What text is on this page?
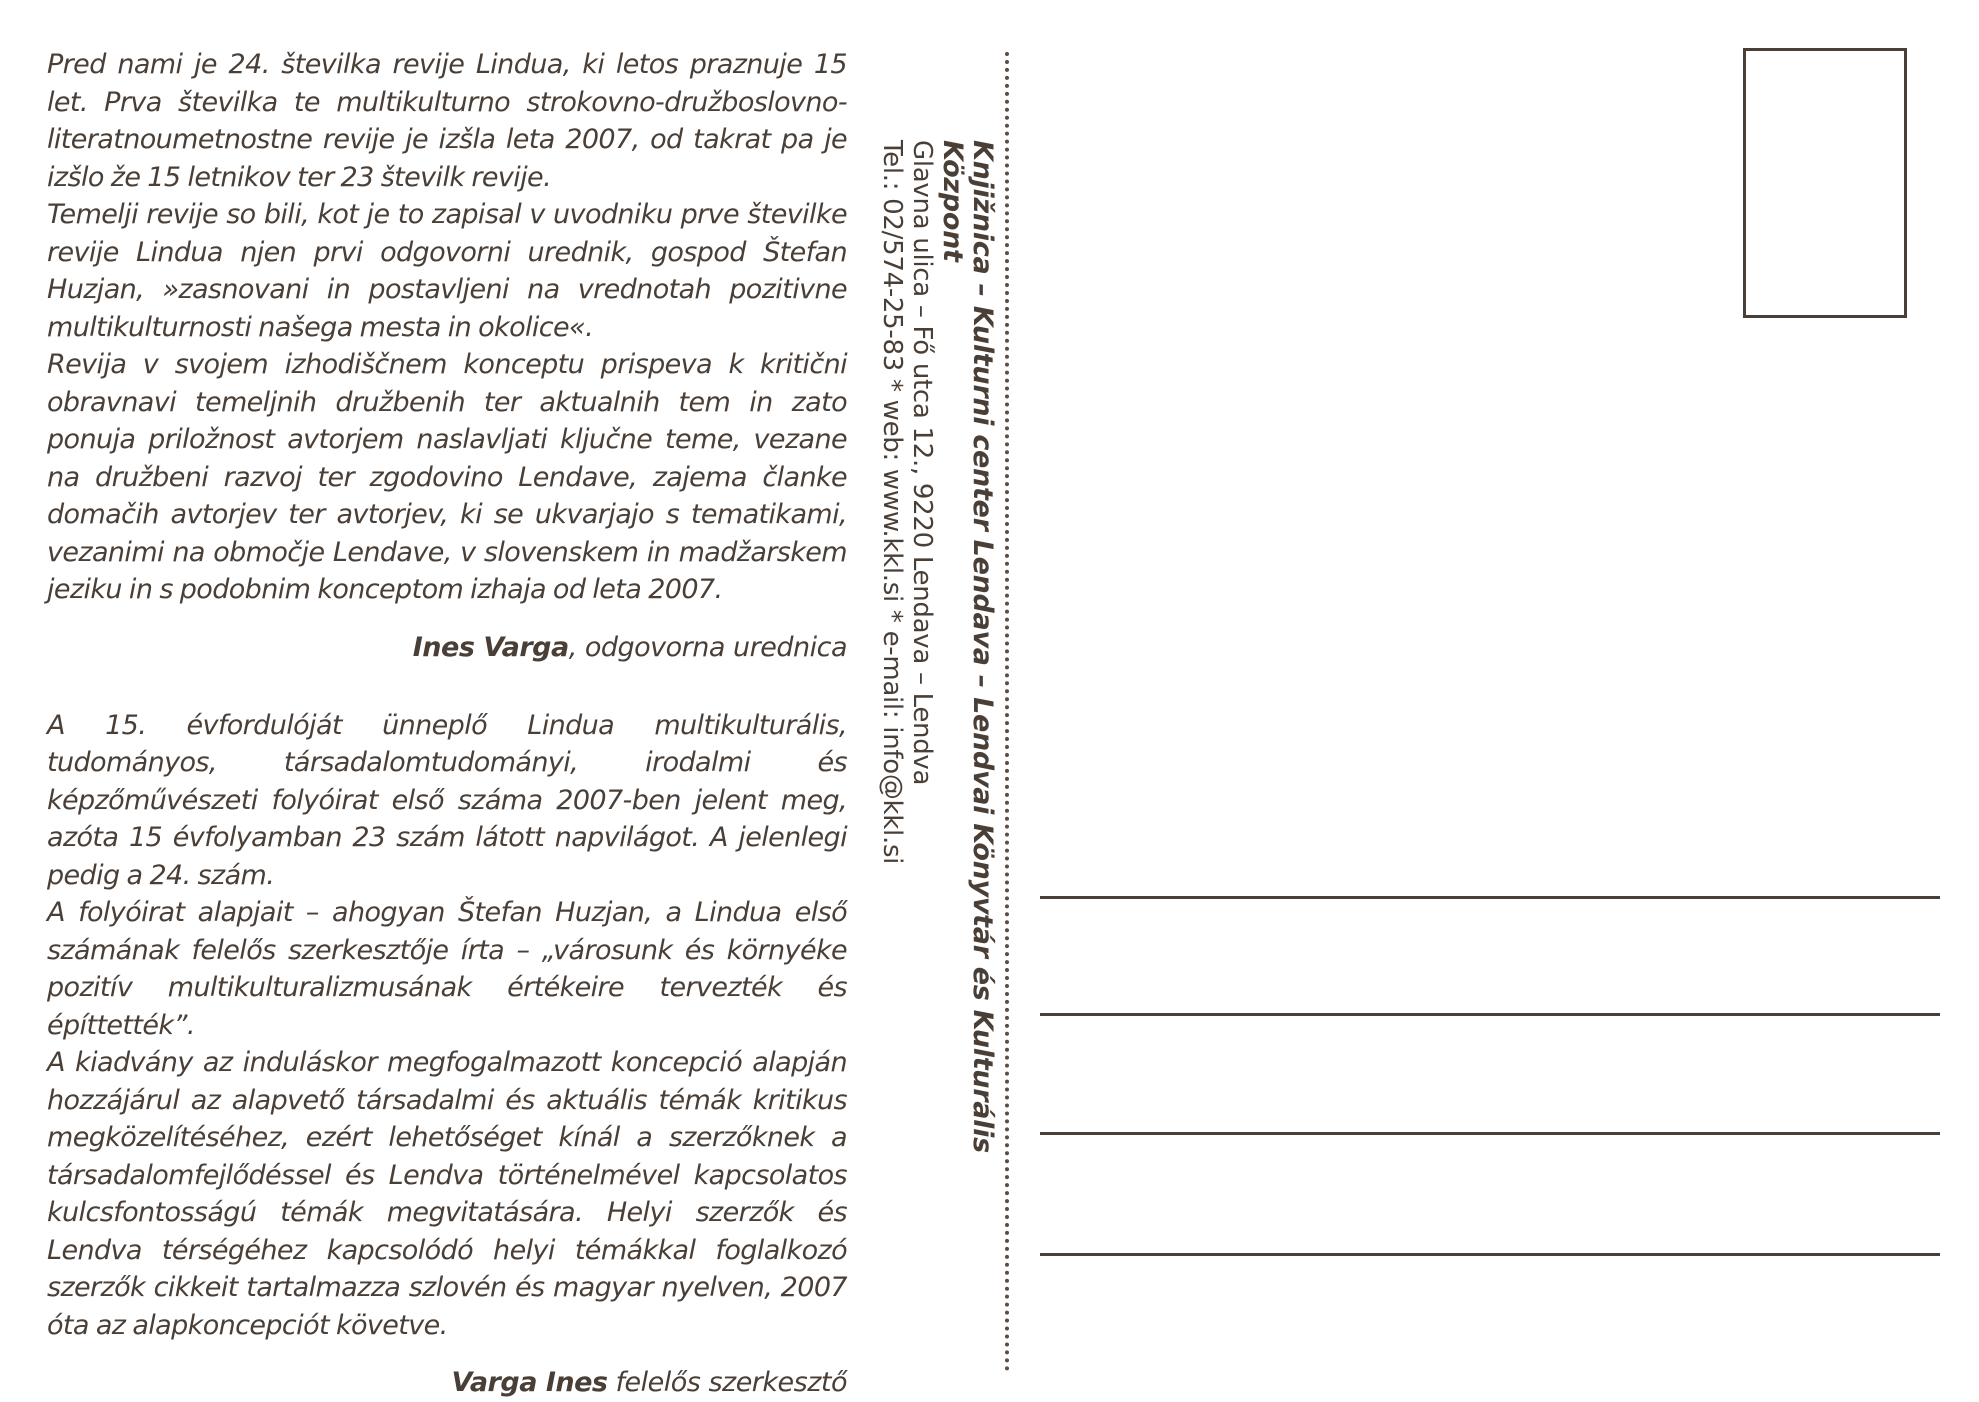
Pred nami je 24. številka revije Lindua, ki letos praznuje 15 let. Prva številka te multikulturno strokovno-družboslovno-literatnoumetnostne revije je izšla leta 2007, od takrat pa je izšlo že 15 letnikov ter 23 številk revije.

Temelji revije so bili, kot je to zapisal v uvodniku prve številke revije Lindua njen prvi odgovorni urednik, gospod Štefan Huzjan, »zasnovani in postavljeni na vrednotah pozitivne multikulturnosti našega mesta in okolice«.

Revija v svojem izhodiščnem konceptu prispeva k kritični obravnavi temeljnih družbenih ter aktualnih tem in zato ponuja priložnost avtorjem naslavljati ključne teme, vezane na družbeni razvoj ter zgodovino Lendave, zajema članke domačih avtorjev ter avtorjev, ki se ukvarjajo s tematikami, vezanimi na območje Lendave, v slovenskem in madžarskem jeziku in s podobnim konceptom izhaja od leta 2007.

Ines Varga, odgovorna urednica

A 15. évfordulóját ünneplő Lindua multikulturális, tudományos, társadalomtudományi, irodalmi és képzőművészeti folyóirat első száma 2007-ben jelent meg, azóta 15 évfolyamban 23 szám látott napvilágot. A jelenlegi pedig a 24. szám.

A folyóirat alapjait – ahogyan Štefan Huzjan, a Lindua első számának felelős szerkesztője írta – „városunk és környéke pozitív multikulturalizmusának értékeire tervezték és építtették”.

A kiadvány az induláskor megfogalmazott koncepció alapján hozzájárul az alapvető társadalmi és aktuális témák kritikus megközelítéséhez, ezért lehetőséget kínál a szerzőknek a társadalomfejlődéssel és Lendva történelmével kapcsolatos kulcsfontosságú témák megvitatására. Helyi szerzők és Lendva térségéhez kapcsolódó helyi témákkal foglalkozó szerzők cikkeit tartalmazza szlovén és magyar nyelven, 2007 óta az alapkoncepciót követve.

Varga Ines felelős szerkesztő

Knjižnica – Kulturni center Lendava – Lendvai Könyvtár és Kulturális Központ
Glavna ulica – Fő utca 12., 9220 Lendava – Lendva
Tel.: 02/574-25-83 * web: www.kkl.si * e-mail: info@kkl.si
